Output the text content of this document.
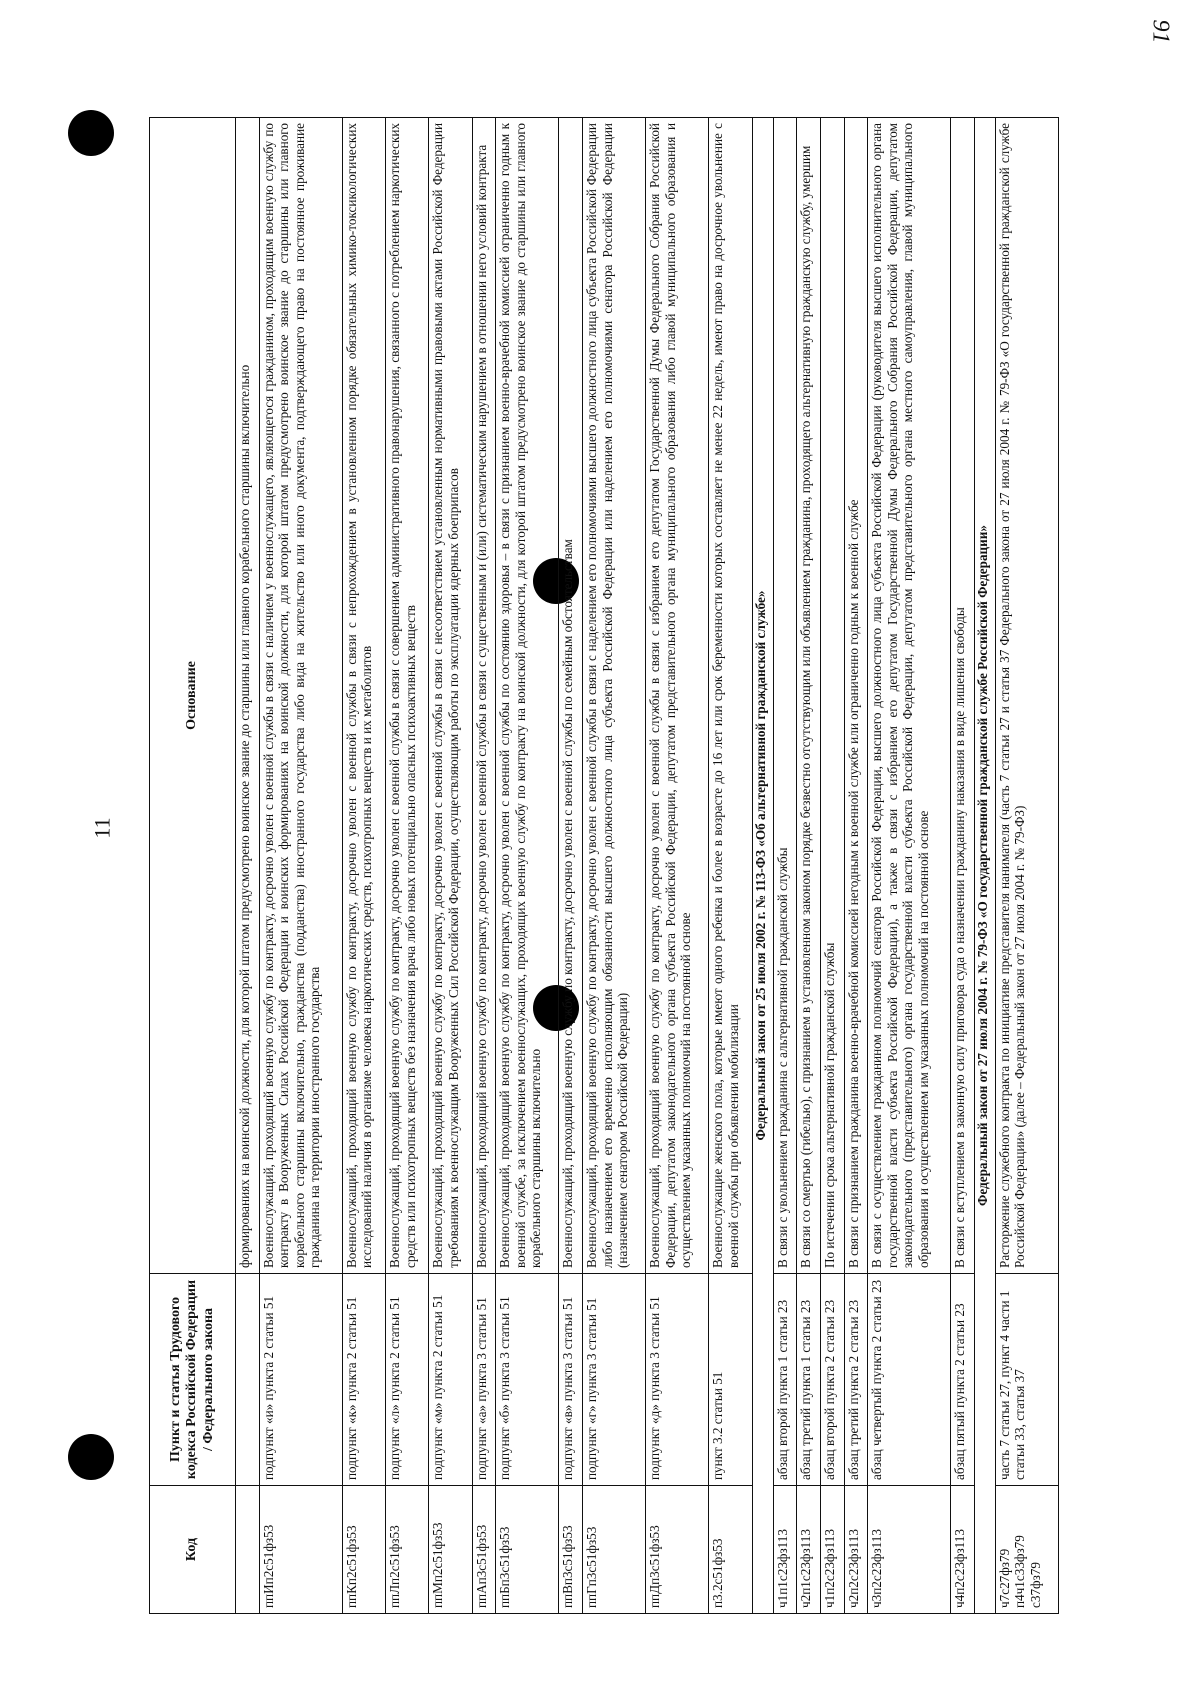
91
11
Код	Пункт и статья Трудового кодекса Российской Федерации / Федерального закона	Основание
		формированиях на воинской должности, для которой штатом предусмотрено воинское звание до старшины или главного корабельного старшины включительно
ппИп2с51фз53	подпункт «и» пункта 2 статьи 51	Военнослужащий, проходящий военную службу по контракту, досрочно уволен с военной службы в связи с наличием у военнослужащего, являющегося гражданином, проходящим военную службу по контракту в Вооруженных Силах Российской Федерации и воинских формированиях на воинской должности, для которой штатом предусмотрено воинское звание до старшины или главного корабельного старшины включительно, гражданства (подданства) иностранного государства либо вида на жительство или иного документа, подтверждающего право на постоянное проживание гражданина на территории иностранного государства
ппКп2с51фз53	подпункт «к» пункта 2 статьи 51	Военнослужащий, проходящий военную службу по контракту, досрочно уволен с военной службы в связи с непрохождением в установленном порядке обязательных химико-токсикологических исследований наличия в организме человека наркотических средств, психотропных веществ и их метаболитов
ппЛп2с51фз53	подпункт «л» пункта 2 статьи 51	Военнослужащий, проходящий военную службу по контракту, досрочно уволен с военной службы в связи с совершением административного правонарушения, связанного с потреблением наркотических средств или психотропных веществ без назначения врача либо новых потенциально опасных психоактивных веществ
ппМп2с51фз53	подпункт «м» пункта 2 статьи 51	Военнослужащий, проходящий военную службу по контракту, досрочно уволен с военной службы в связи с несоответствием установленным нормативными правовыми актами Российской Федерации требованиям к военнослужащим Вооруженных Сил Российской Федерации, осуществляющим работы по эксплуатации ядерных боеприпасов
ппАп3с51фз53	подпункт «а» пункта 3 статьи 51	Военнослужащий, проходящий военную службу по контракту, досрочно уволен с военной службы в связи с существенным и (или) систематическим нарушением в отношении него условий контракта
ппБп3с51фз53	подпункт «б» пункта 3 статьи 51	Военнослужащий, проходящий военную службу по контракту, досрочно уволен с военной службы по состоянию здоровья – в связи с признанием военно-врачебной комиссией ограниченно годным к военной службе, за исключением военнослужащих, проходящих военную службу по контракту на воинской должности, для которой штатом предусмотрено воинское звание до старшины или главного корабельного старшины включительно
ппВп3с51фз53	подпункт «в» пункта 3 статьи 51	Военнослужащий, проходящий военную службу по контракту, досрочно уволен с военной службы по семейным обстоятельствам
ппГп3с51фз53	подпункт «г» пункта 3 статьи 51	Военнослужащий, проходящий военную службу по контракту, досрочно уволен с военной службы в связи с наделением его полномочиями высшего должностного лица субъекта Российской Федерации либо назначением его временно исполняющим обязанности высшего должностного лица субъекта Российской Федерации или наделением его полномочиями сенатора Российской Федерации (назначением сенатором Российской Федерации)
ппДп3с51фз53	подпункт «д» пункта 3 статьи 51	Военнослужащий, проходящий военную службу по контракту, досрочно уволен с военной службы в связи с избранием его депутатом Государственной Думы Федерального Собрания Российской Федерации, депутатом законодательного органа субъекта Российской Федерации, депутатом представительного органа муниципального образования либо главой муниципального образования и осуществлением указанных полномочий на постоянной основе
п3.2с51фз53	пункт 3.2 статьи 51	Военнослужащие женского пола, которые имеют одного ребенка и более в возрасте до 16 лет или срок беременности которых составляет не менее 22 недель, имеют право на досрочное увольнение с военной службы при объявлении мобилизации
Федеральный закон от 25 июля 2002 г. № 113-ФЗ «Об альтернативной гражданской службе»		
ч1п1с23фз113	абзац второй пункта 1 статьи 23	В связи с увольнением гражданина с альтернативной гражданской службы
ч2п1с23фз113	абзац третий пункта 1 статьи 23	В связи со смертью (гибелью), с признанием в установленном законом порядке безвестно отсутствующим или объявлением гражданина, проходящего альтернативную гражданскую службу, умершим
ч1п2с23фз113	абзац второй пункта 2 статьи 23	По истечении срока альтернативной гражданской службы
ч2п2с23фз113	абзац третий пункта 2 статьи 23	В связи с признанием гражданина военно-врачебной комиссией негодным к военной службе или ограниченно годным к военной службе
ч3п2с23фз113	абзац четвертый пункта 2 статьи 23	В связи с осуществлением гражданином полномочий сенатора Российской Федерации, высшего должностного лица субъекта Российской Федерации (руководителя высшего исполнительного органа государственной власти субъекта Российской Федерации), а также в связи с избранием его депутатом Государственной Думы Федерального Собрания Российской Федерации, депутатом законодательного (представительного) органа государственной власти субъекта Российской Федерации, депутатом представительного органа местного самоуправления, главой муниципального образования и осуществлением им указанных полномочий на постоянной основе
ч4п2с23фз113	абзац пятый пункта 2 статьи 23	В связи с вступлением в законную силу приговора суда о назначении гражданину наказания в виде лишения свободы
Федеральный закон от 27 июля 2004 г. № 79-ФЗ «О государственной гражданской службе Российской Федерации»		
ч7с27фз79 п4ч1с33фз79 с37фз79	часть 7 статьи 27, пункт 4 части 1 статьи 33, статья 37	Расторжение служебного контракта по инициативе представителя нанимателя (часть 7 статьи 27 и статья 37 Федерального закона от 27 июля 2004 г. № 79-ФЗ «О государственной гражданской службе Российской Федерации» (далее – Федеральный закон от 27 июля 2004 г. № 79-ФЗ)
